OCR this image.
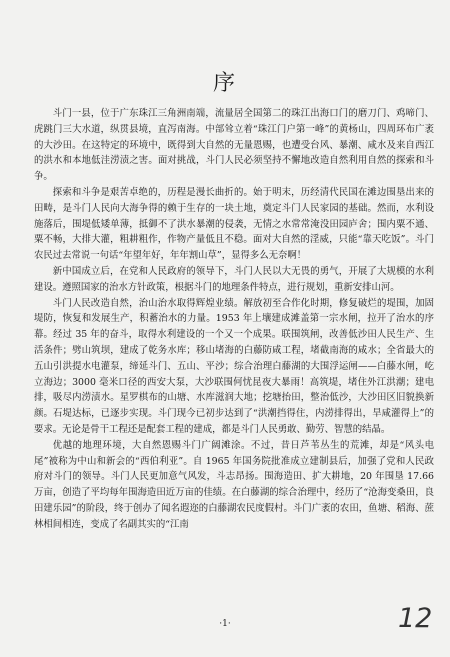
序

斗门一县，位于广东珠江三角洲南端，流量居全国第二的珠江出海口门的磨刀门、鸡啼门、虎跳门三大水道，纵贯县境，直泻南海。中部耸立着“珠江门户第一峰”的黄杨山，四周环布广袤的大沙田。在这特定的环境中，既得到大自然的无量恩赐，也遭受台风、暴潮、咸水及来自西江的洪水和本地低洼涝渍之害。面对挑战，斗门人民必须坚持不懈地改造自然利用自然的探索和斗争。

探索和斗争是艰苦卓绝的，历程是漫长曲折的。始于明末，历经清代民国在滩边围垦出来的田畴，是斗门人民向大海争得的赖于生存的一块土地，奠定斗门人民家园的基础。然而，水利设施落后，围堤低矮单薄，抵御不了洪水暴潮的侵袭，无情之水常常淹没田园庐舍；围内粟不通、粟不畅，大排大灌，粗耕粗作，作物产量低且不稳。面对大自然的淫威，只能“靠天吃饭”。斗门农民过去常说一句话“年望年好，年年割山草”，显得多么无奈啊！

新中国成立后，在党和人民政府的领导下，斗门人民以大无畏的勇气，开展了大规模的水利建设。遵照国家的治水方针政策，根据斗门的地理条件特点，进行规划，重新安排山河。

斗门人民改造自然，治山治水取得辉煌业绩。解放初至合作化时期，修复破烂的堤围，加固堤防，恢复和发展生产，积蓄治水的力量。1953 年上壤建成滩盖第一宗水闸，拉开了治水的序幕。经过 35 年的奋斗，取得水利建设的一个又一个成果。联围筑闸，改善低沙田人民生产、生活条件；劈山筑坝，建成了乾务水库；移山堵海的白藤防咸工程，堵截南海的咸水；全省最大的五山引洪提水电灌泵，缔延斗门、五山、平沙；综合治理白藤湖的大围浮运闸——白藤水闸，屹立海边；3000 毫米口径的西安大泵，大沙联围何忧昆夜大暴雨！高筑堤，堵住外江洪潮；建电排，吸尽内涝渍水。星罗棋布的山塘、水库滋润大地；挖塘抬田，整治低沙，大沙田区旧貌换新颜。石堤达标，已逐步实现。斗门现今已初步达到了“洪潮挡得住，内涝排得出，旱咸灌得上”的要求。无论是骨干工程还是配套工程的建成，都是斗门人民勇敢、勤劳、智慧的结晶。

优越的地理环境，大自然恩赐斗门广阔滩涂。不过，昔日芦苇丛生的荒滩，却是“风头电尾”被称为中山和新会的“西伯利亚”。自 1965 年国务院批准成立建制县后，加强了党和人民政府对斗门的领导。斗门人民更加意气风发，斗志昂扬。围海造田、扩大耕地，20 年围垦 17.66 万亩，创造了平均每年围海造田近万亩的佳绩。在白藤湖的综合治理中，经历了“沧海变桑田，良田建乐园”的阶段，终于创办了闻名遐迩的白藤湖农民度假村。斗门广袤的农田，鱼塘、稻海、蔗林相间相连，变成了名副其实的“江南

·1·	12
